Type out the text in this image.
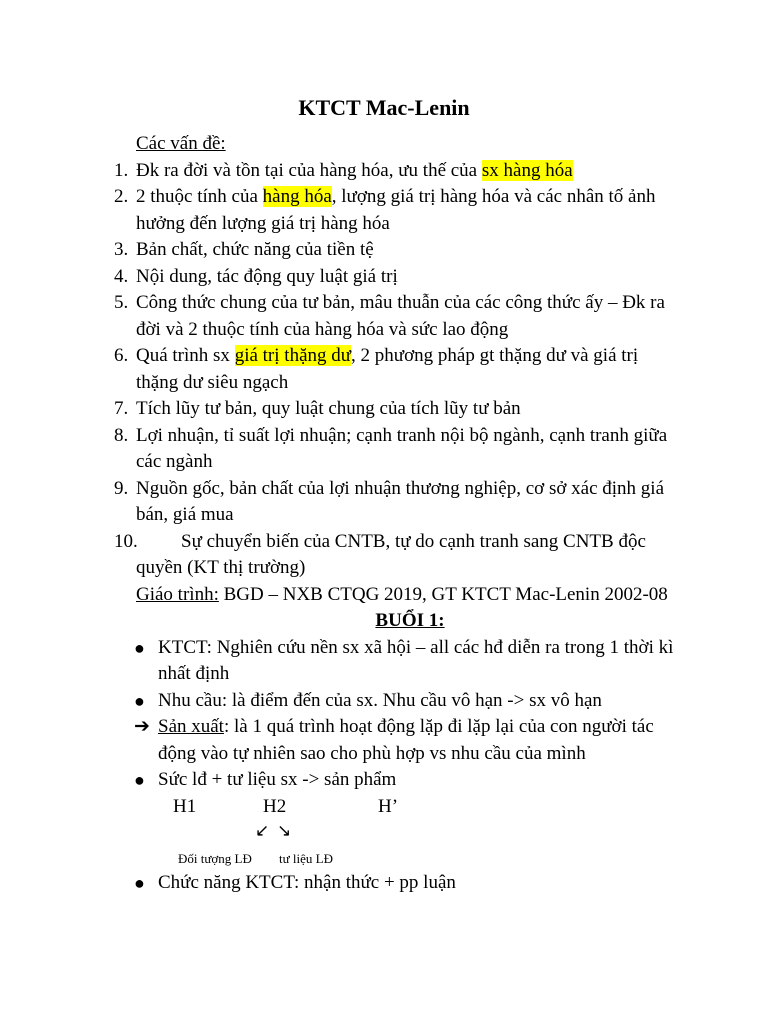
KTCT Mac-Lenin
Các vấn đề:
1. Đk ra đời và tồn tại của hàng hóa, ưu thế của sx hàng hóa
2. 2 thuộc tính của hàng hóa, lượng giá trị hàng hóa và các nhân tố ảnh hưởng đến lượng giá trị hàng hóa
3. Bản chất, chức năng của tiền tệ
4. Nội dung, tác động quy luật giá trị
5. Công thức chung của tư bản, mâu thuẫn của các công thức ấy – Đk ra đời và 2 thuộc tính của hàng hóa và sức lao động
6. Quá trình sx giá trị thặng dư, 2 phương pháp gt thặng dư và giá trị thặng dư siêu ngạch
7. Tích lũy tư bản, quy luật chung của tích lũy tư bản
8. Lợi nhuận, tỉ suất lợi nhuận; cạnh tranh nội bộ ngành, cạnh tranh giữa các ngành
9. Nguồn gốc, bản chất của lợi nhuận thương nghiệp, cơ sở xác định giá bán, giá mua
10. Sự chuyển biến của CNTB, tự do cạnh tranh sang CNTB độc quyền (KT thị trường)
Giáo trình: BGD – NXB CTQG 2019, GT KTCT Mac-Lenin 2002-08
BUỔI 1:
● KTCT: Nghiên cứu nền sx xã hội – all các hđ diễn ra trong 1 thời kì nhất định
● Nhu cầu: là điểm đến của sx. Nhu cầu vô hạn -> sx vô hạn
➔ Sản xuất: là 1 quá trình hoạt động lặp đi lặp lại của con người tác động vào tự nhiên sao cho phù hợp vs nhu cầu của mình
● Sức lđ + tư liệu sx -> sản phẩm
H1	H2	H’
↙ ↘
Đối tượng LĐ tư liệu LĐ
● Chức năng KTCT: nhận thức + pp luận
